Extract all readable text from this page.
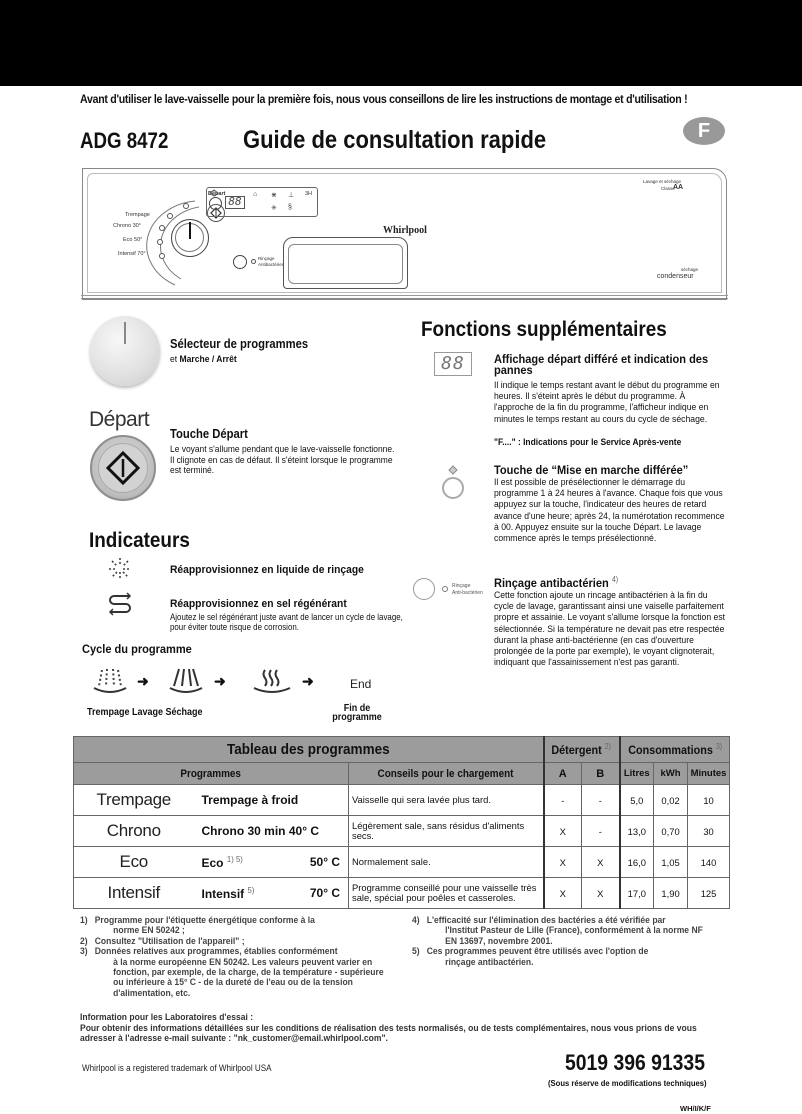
Avant d'utiliser le lave-vaisselle pour la première fois, nous vous conseillons de lire les instructions de montage et d'utilisation !
ADG 8472	Guide de consultation rapide	F
Trempage
Chrono 30°
Eco 50°
Intensif 70°
Départ
88
⌂ ⋇ ⊥ 3H
✳ §
Rinçage
Antibactérien
Whirlpool
Lavage et séchage
Classe
AA
séchage
condenseur
Sélecteur de programmes
et Marche / Arrêt
Départ
Touche Départ
Le voyant s'allume pendant que le lave-vaisselle fonctionne. Il clignote en cas de défaut. Il s'éteint lorsque le programme est terminé.
Indicateurs
Réapprovisionnez en liquide de rinçage
Réapprovisionnez en sel régénérant
Ajoutez le sel régénérant juste avant de lancer un cycle de lavage, pour éviter toute risque de corrosion.
Cycle du programme
➜	➜	➜	End
Trempage Lavage Séchage	Fin de programme
Fonctions supplémentaires
88	Affichage départ différé et indication des pannes
Il indique le temps restant avant le début du programme en heures. Il s'éteint après le début du programme. À l'approche de la fin du programme, l'afficheur indique en minutes le temps restant au cours du cycle de séchage.
"F...." : Indications pour le Service Après-vente
Touche de “Mise en marche différée”
Il est possible de présélectionner le démarrage du programme 1 à 24 heures à l'avance. Chaque fois que vous appuyez sur la touche, l'indicateur des heures de retard avance d'une heure; après 24, la numérotation recommence à 00. Appuyez ensuite sur la touche Départ. Le lavage commence après le temps présélectionné.
Rinçage
Anti-bactérien
Rinçage antibactérien $^{4)}$
Cette fonction ajoute un rincage antibactérien à la fin du cycle de lavage, garantissant ainsi une vaiselle parfaitement propre et assainie. Le voyant s'allume lorsque la fonction est sélectionnée. Si la température ne devait pas etre respectée durant la phase anti-bactérienne (en cas d'ouverture prolongée de la porte par exemple), le voyant clignoterait, indiquant que l'assainissement n'est pas garanti.
Tableau des programmes			Détergent $^{2)}$		Consommations $^{3)}$
Programmes		Conseils pour le chargement	A	B	Litres	kWh	Minutes
Trempage	Trempage à froid	Vaisselle qui sera lavée plus tard.	-	-	5,0	0,02	10
Chrono	Chrono 30 min 40° C	Légèrement sale, sans résidus d'aliments secs.	X	-	13,0	0,70	30
Eco	Eco $^{1) 5)}$ 50° C	Normalement sale.	X	X	16,0	1,05	140
Intensif	Intensif $^{5)}$ 70° C	Programme conseillé pour une vaisselle très sale, spécial pour poêles et casseroles.	X	X	17,0	1,90	125
1) Programme pour l'étiquette énergétique conforme à la
norme EN 50242 ;
2) Consultez "Utilisation de l'appareil" ;
3) Données relatives aux programmes, établies conformément
à la norme européenne EN 50242. Les valeurs peuvent varier en fonction, par exemple, de la charge, de la température - supérieure ou inférieure à 15° C - de la dureté de l'eau ou de la tension d'alimentation, etc.
4) L'efficacité sur l'élimination des bactéries a été vérifiée par
l'Institut Pasteur de Lille (France), conformément à la norme NF EN 13697, novembre 2001.
5) Ces programmes peuvent être utilisés avec l'option de
rinçage antibactérien.
Information pour les Laboratoires d'essai :
Pour obtenir des informations détaillées sur les conditions de réalisation des tests normalisés, ou de tests complémentaires, nous vous prions de vous adresser à l'adresse e-mail suivante : "nk_customer@email.whirlpool.com".
Whirlpool is a registered trademark of Whirlpool USA	5019 396 91335
(Sous réserve de modifications techniques)
WH/I/K/F
